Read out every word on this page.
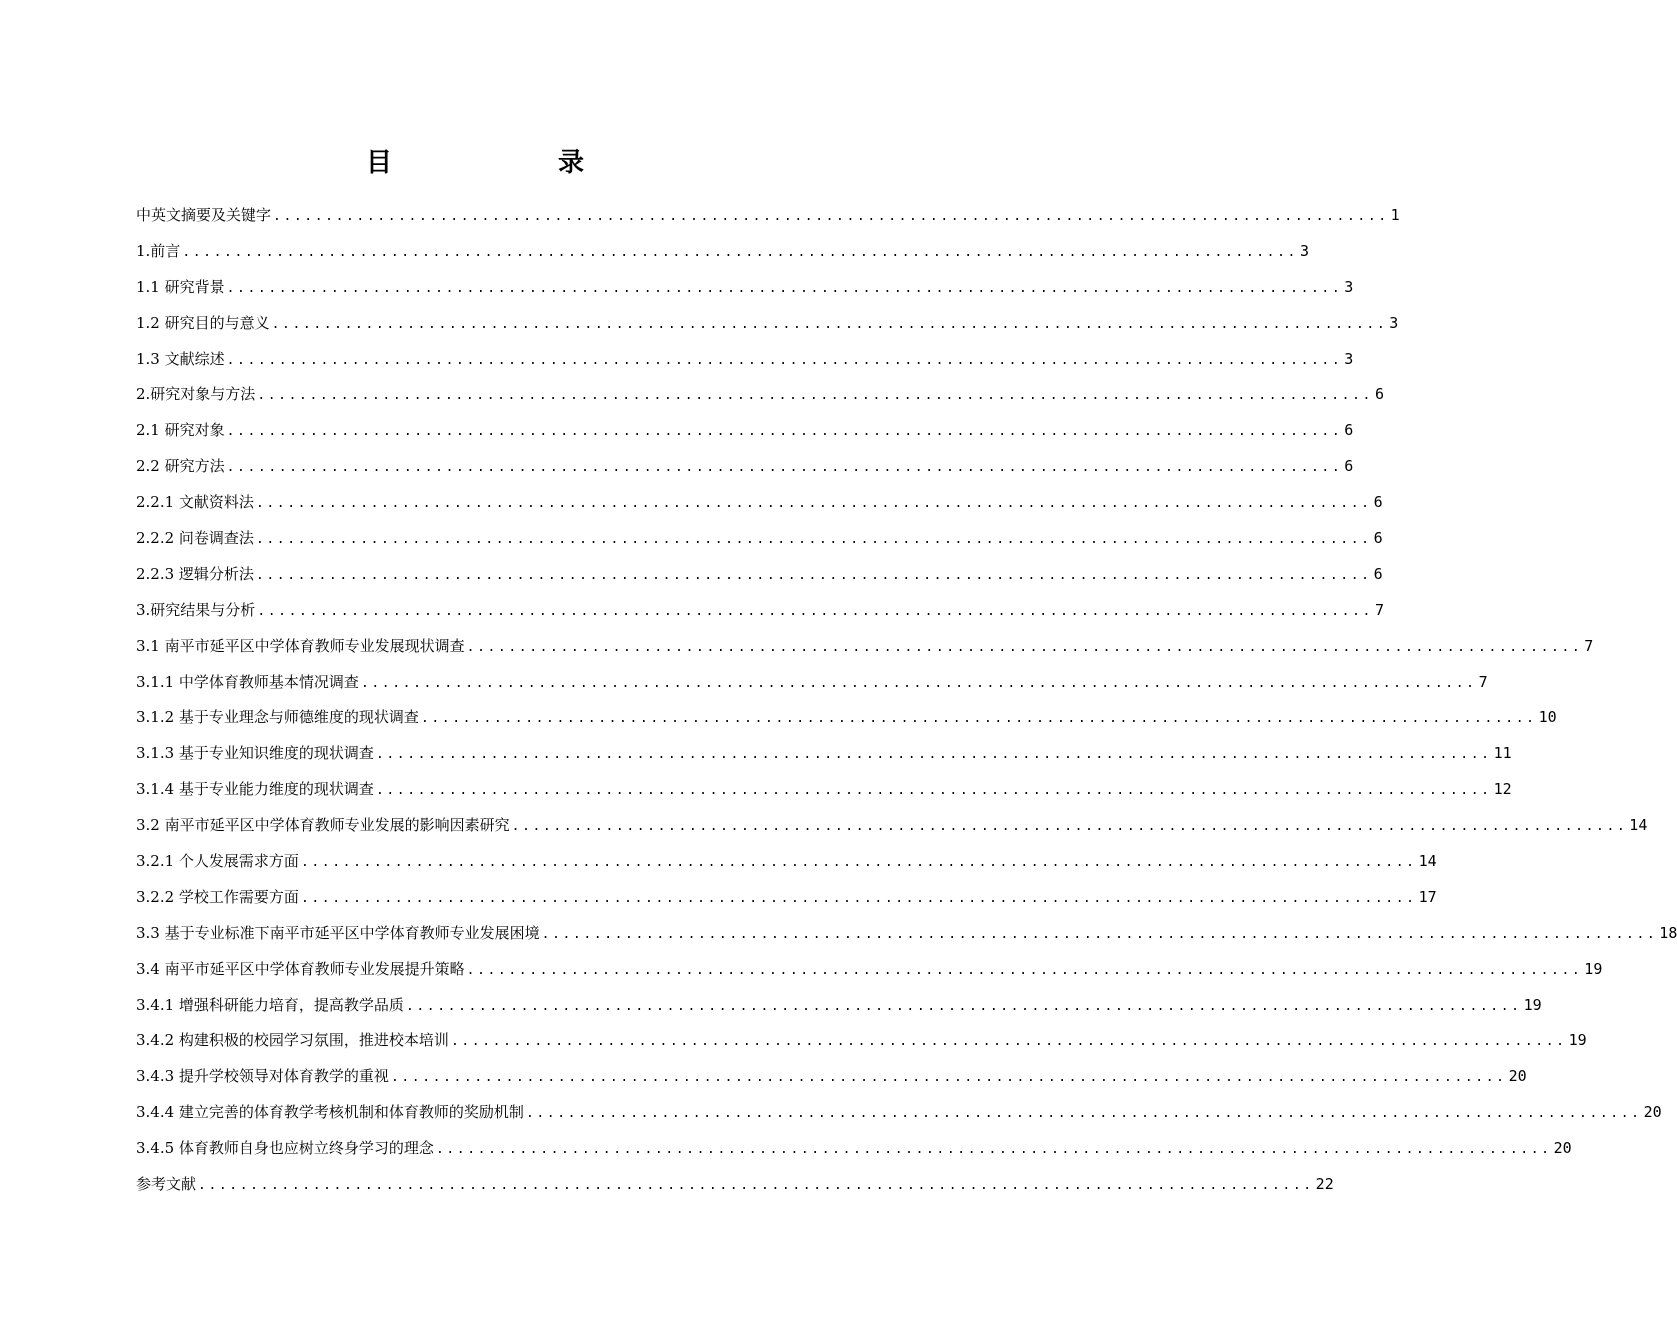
目　　录
中英文摘要及关键字 ........................................................................................................... 1
1.前言 ........................................................................................................... 3
1.1 研究背景 ........................................................................................................... 3
1.2 研究目的与意义 ........................................................................................................... 3
1.3 文献综述 ........................................................................................................... 3
2.研究对象与方法 ........................................................................................................... 6
2.1 研究对象 ........................................................................................................... 6
2.2 研究方法 ........................................................................................................... 6
2.2.1 文献资料法 ........................................................................................................... 6
2.2.2 问卷调查法 ........................................................................................................... 6
2.2.3 逻辑分析法 ........................................................................................................... 6
3.研究结果与分析 ........................................................................................................... 7
3.1 南平市延平区中学体育教师专业发展现状调查 ........................................................................................................... 7
3.1.1 中学体育教师基本情况调查 ........................................................................................................... 7
3.1.2 基于专业理念与师德维度的现状调查 ........................................................................................................... 10
3.1.3 基于专业知识维度的现状调查 ........................................................................................................... 11
3.1.4 基于专业能力维度的现状调查 ........................................................................................................... 12
3.2 南平市延平区中学体育教师专业发展的影响因素研究 ........................................................................................................... 14
3.2.1 个人发展需求方面 ........................................................................................................... 14
3.2.2 学校工作需要方面 ........................................................................................................... 17
3.3 基于专业标准下南平市延平区中学体育教师专业发展困境 ........................................................................................................... 18
3.4 南平市延平区中学体育教师专业发展提升策略 ........................................................................................................... 19
3.4.1 增强科研能力培育，提高教学品质 ........................................................................................................... 19
3.4.2 构建积极的校园学习氛围，推进校本培训 ........................................................................................................... 19
3.4.3 提升学校领导对体育教学的重视 ........................................................................................................... 20
3.4.4 建立完善的体育教学考核机制和体育教师的奖励机制 ........................................................................................................... 20
3.4.5 体育教师自身也应树立终身学习的理念 ........................................................................................................... 20
参考文献 ........................................................................................................... 22
